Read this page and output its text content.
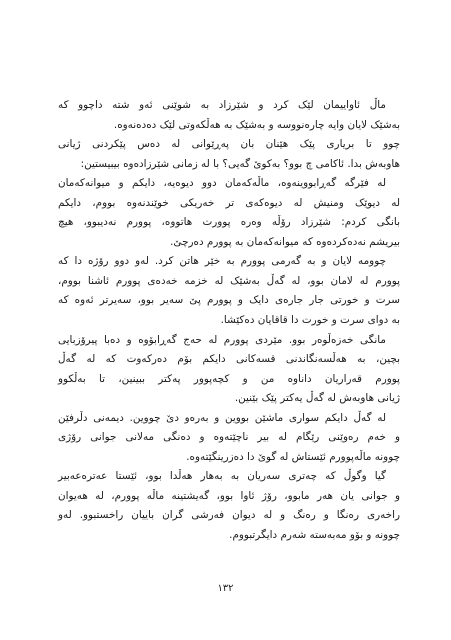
ماڵ ئاواییمان لێک کرد و شێرزاد بە شوێنی ئەو شتە داچوو کە
بەشێک لایان وایە چارەنووسە و بەشێک بە هەڵکەوتی لێک دەدەنەوە.
چوو تا بریاری پێک هێنان بان پەڕێوانی لە دەس پێکردنی ژیانی
هاوبەش بدا. ئاکامی چ بوو؟ بەکوێ گەیی؟ با لە زمانی شێرزادەوە بیبیستین:
لە فێرگە گەڕابووینەوە، ماڵەکەمان دوو دیوەیە، دایکم و میوانەکەمان
لە دیوێک ومنیش لە دیوەکەی تر خەریکی خوێندنەوە بووم، دایکم
بانگی کردم: شێرزاد رۆڵە وەرە پوورت هاتووە، پوورم نەدیبوو، هیچ
بیریشم نەدەکردەوە کە میوانەکەمان بە پوورم دەرچێ.
چوومە لایان و بە گەرمی پوورم بە خێر هاتن کرد. لەو دوو رۆژە دا کە
پوورم لە لامان بوو، لە گەڵ بەشێک لە خزمە خەدەی پوورم ئاشنا بووم،
سرت و خورتی جار جارەی دایک و پوورم پێ سەیر بوو، سەیرتر ئەوە کە
بە دوای سرت و خورت دا قاقایان دەکێشا.
مانگی خەزەڵوەر بوو. مێردی پوورم لە حەج گەڕابۆوە و دەبا پیرۆزبایی
بچین، بە هەڵسەنگاندنی قسەکانی دایکم بۆم دەرکەوت کە لە گەڵ
پوورم قەراریان داناوە من و کچەپوور پەکتر ببینین، تا بەڵکوو
ژیانی هاوبەش لە گەڵ یەکتر پێک بێنین.
لە گەڵ دایکم سواری ماشێن بووین و بەرەو دێ چووین. دیمەنی دڵرفێن
و خەم رەوێنی رێگام لە بیر ناچێتەوە و دەنگی مەلانی جوانی رۆژی
چوونە ماڵەپوورم ئێستاش لە گوێ دا دەزرینگێتەوە.
گیا وگوڵ کە چەتری سەریان بە بەهار هەڵدا بوو، ئێستا عەترەعەبیر
و جوانی یان هەر مابوو، رۆژ ئاوا بوو، گەیشتینە ماڵە پوورم، لە هەیوان
راخەری رەنگا و رەنگ و لە دیوان فەرشی گران باییان راخستبوو. لەو
چوونە و بۆو مەبەستە شەرم دایگرتبووم.
١٣٢
